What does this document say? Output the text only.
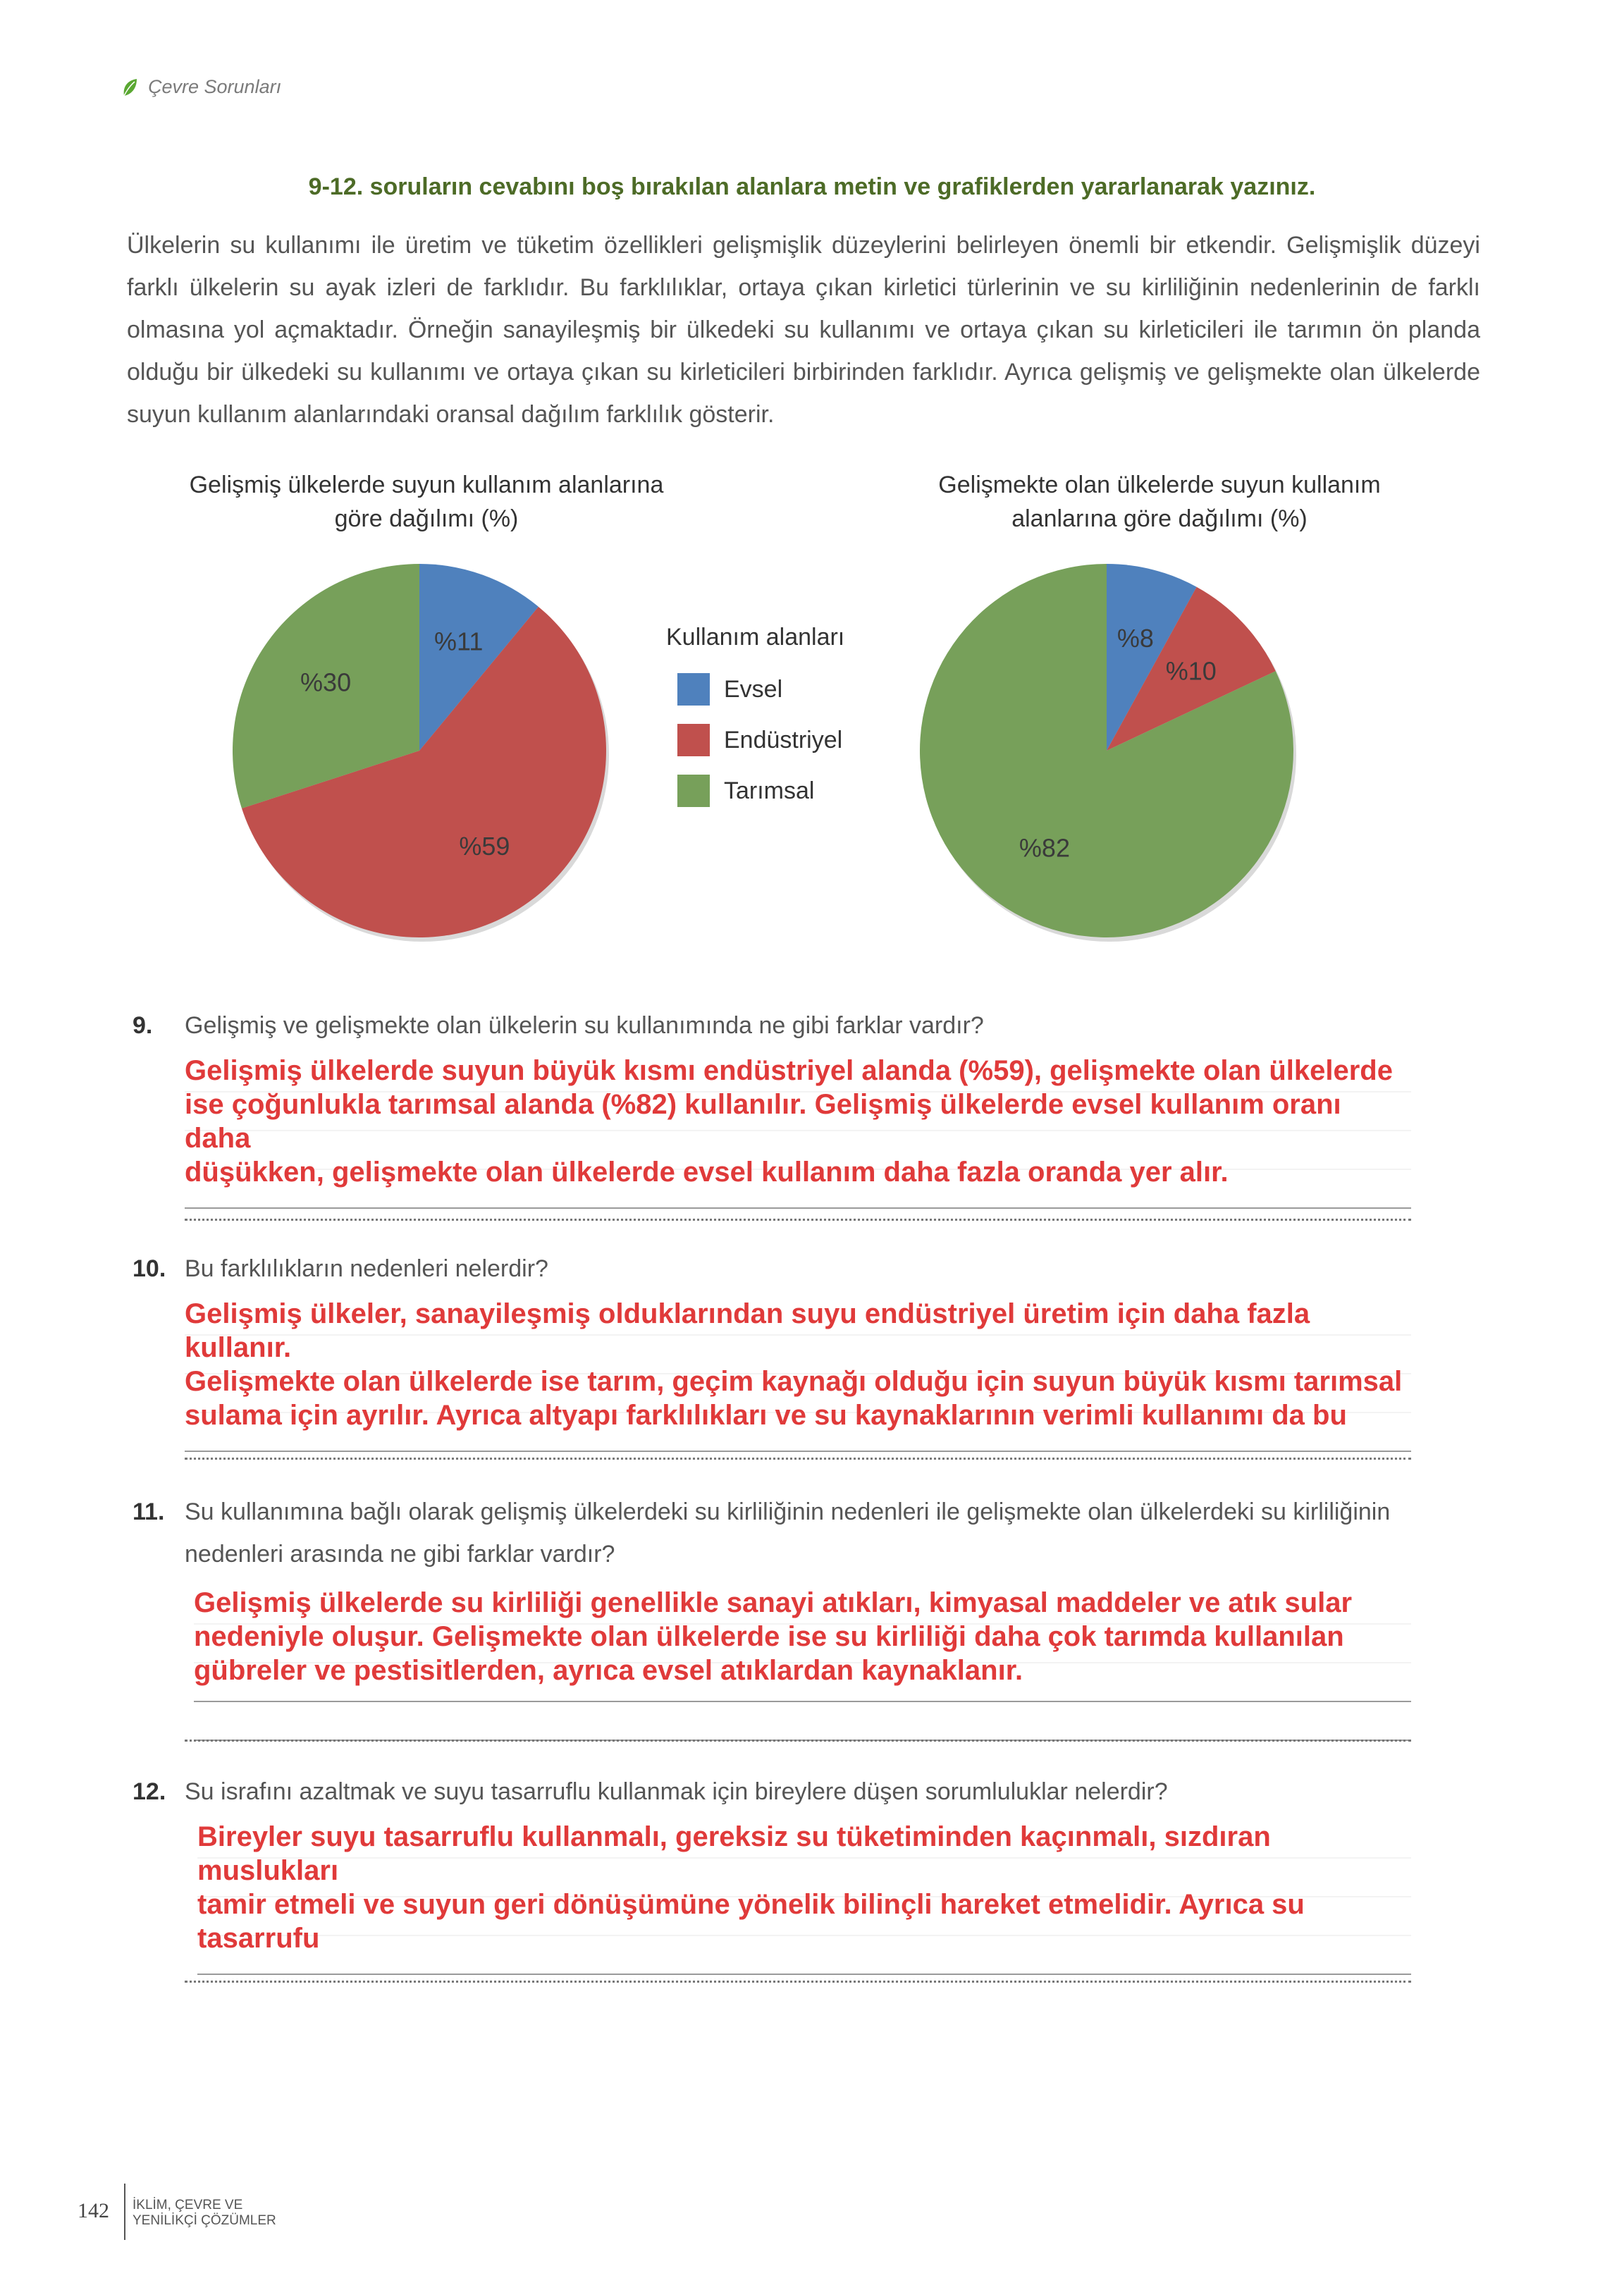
Çevre Sorunları
9-12. soruların cevabını boş bırakılan alanlara metin ve grafiklerden yararlanarak yazınız.

Ülkelerin su kullanımı ile üretim ve tüketim özellikleri gelişmişlik düzeylerini belirleyen önemli bir etkendir. Gelişmişlik düzeyi farklı ülkelerin su ayak izleri de farklıdır. Bu farklılıklar, ortaya çıkan kirletici türlerinin ve su kirliliğinin nedenlerinin de farklı olmasına yol açmaktadır. Örneğin sanayileşmiş bir ülkedeki su kullanımı ve ortaya çıkan su kirleticileri ile tarımın ön planda olduğu bir ülkedeki su kullanımı ve ortaya çıkan su kirleticileri birbirinden farklıdır. Ayrıca gelişmiş ve gelişmekte olan ülkelerde suyun kullanım alanlarındaki oransal dağılım farklılık gösterir.

Gelişmiş ülkelerde suyun kullanım alanlarına
göre dağılımı (%)
Gelişmekte olan ülkelerde suyun kullanım
alanlarına göre dağılımı (%)
%11
%59
%30
%8
%10
%82
Kullanım alanları
Evsel
Endüstriyel
Tarımsal
9. Gelişmiş ve gelişmekte olan ülkelerin su kullanımında ne gibi farklar vardır?
Gelişmiş ülkelerde suyun büyük kısmı endüstriyel alanda (%59), gelişmekte olan ülkelerde
ise çoğunlukla tarımsal alanda (%82) kullanılır. Gelişmiş ülkelerde evsel kullanım oranı daha
düşükken, gelişmekte olan ülkelerde evsel kullanım daha fazla oranda yer alır.
10. Bu farklılıkların nedenleri nelerdir?
Gelişmiş ülkeler, sanayileşmiş olduklarından suyu endüstriyel üretim için daha fazla kullanır.
Gelişmekte olan ülkelerde ise tarım, geçim kaynağı olduğu için suyun büyük kısmı tarımsal
sulama için ayrılır. Ayrıca altyapı farklılıkları ve su kaynaklarının verimli kullanımı da bu
11. Su kullanımına bağlı olarak gelişmiş ülkelerdeki su kirliliğinin nedenleri ile gelişmekte olan ülkelerdeki su kirliliğinin nedenleri arasında ne gibi farklar vardır?
Gelişmiş ülkelerde su kirliliği genellikle sanayi atıkları, kimyasal maddeler ve atık sular nedeniyle oluşur. Gelişmekte olan ülkelerde ise su kirliliği daha çok tarımda kullanılan gübreler ve pestisitlerden, ayrıca evsel atıklardan kaynaklanır.
12. Su israfını azaltmak ve suyu tasarruflu kullanmak için bireylere düşen sorumluluklar nelerdir?
Bireyler suyu tasarruflu kullanmalı, gereksiz su tüketiminden kaçınmalı, sızdıran muslukları
tamir etmeli ve suyun geri dönüşümüne yönelik bilinçli hareket etmelidir. Ayrıca su tasarrufu
142 İKLİM, ÇEVRE VE
YENİLİKÇİ ÇÖZÜMLER
